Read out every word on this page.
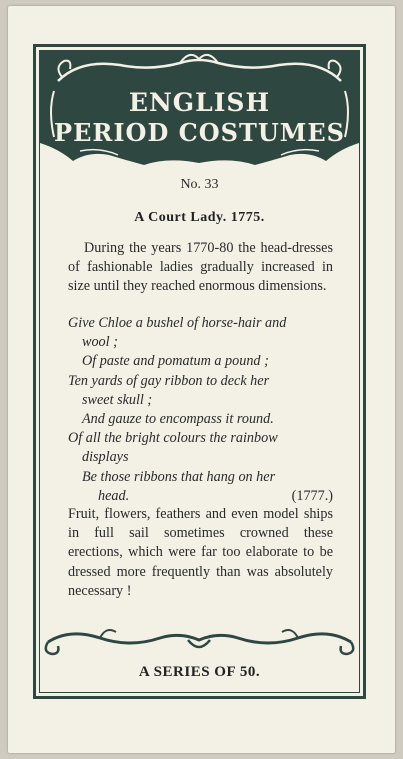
ENGLISH
PERIOD COSTUMES
No. 33
A Court Lady. 1775.
During the years 1770-80 the head-dresses of fashionable ladies gradually increased in size until they reached enormous dimensions.
Give Chloe a bushel of horse-hair and
wool ;
Of paste and pomatum a pound ;
Ten yards of gay ribbon to deck her
sweet skull ;
And gauze to encompass it round.
Of all the bright colours the rainbow
displays
Be those ribbons that hang on her
head.	(1777.)
Fruit, flowers, feathers and even model ships in full sail sometimes crowned these erections, which were far too elaborate to be dressed more frequently than was absolutely necessary !
A SERIES OF 50.
